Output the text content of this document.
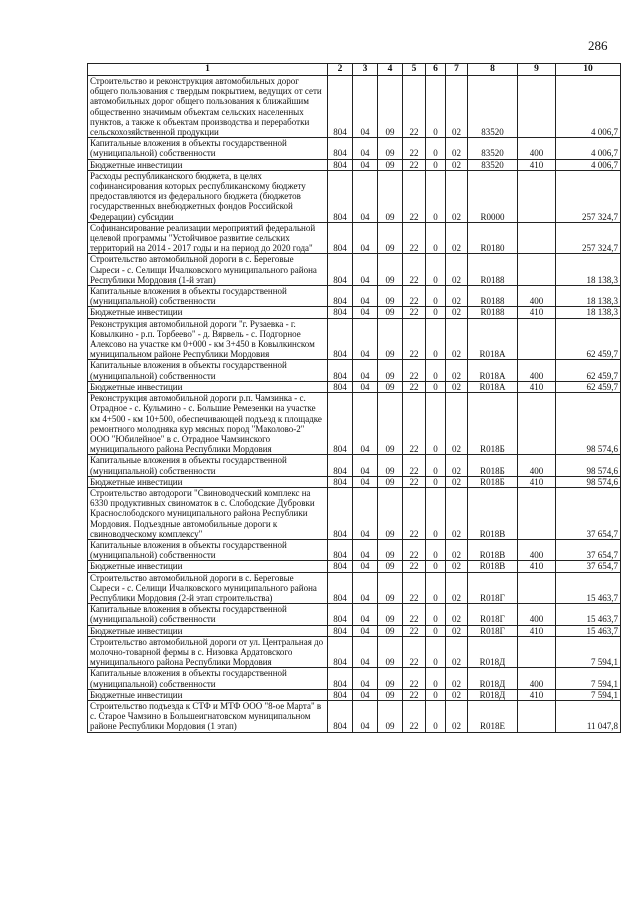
286
1	2	3	4	5	6	7	8	9	10
Строительство и реконструкция автомобильных дорог общего пользования с твердым покрытием, ведущих от сети автомобильных дорог общего пользования к ближайшим общественно значимым объектам сельских населенных пунктов, а также к объектам производства и переработки сельскохозяйственной продукции	804	04	09	22	0	02	83520		4 006,7
Капитальные вложения в объекты государственной (муниципальной) собственности	804	04	09	22	0	02	83520	400	4 006,7
Бюджетные инвестиции	804	04	09	22	0	02	83520	410	4 006,7
Расходы республиканского бюджета, в целях софинансирования которых республиканскому бюджету предоставляются из федерального бюджета (бюджетов государственных внебюджетных фондов Российской Федерации) субсидии	804	04	09	22	0	02	R0000		257 324,7
Софинансирование реализации мероприятий федеральной целевой программы "Устойчивое развитие сельских территорий на 2014 - 2017 годы и на период до 2020 года"	804	04	09	22	0	02	R0180		257 324,7
Строительство автомобильной дороги в с. Береговые Сыреси - с. Селищи Ичалковского муниципального района Республики Мордовия (1-й этап)	804	04	09	22	0	02	R0188		18 138,3
Капитальные вложения в объекты государственной (муниципальной) собственности	804	04	09	22	0	02	R0188	400	18 138,3
Бюджетные инвестиции	804	04	09	22	0	02	R0188	410	18 138,3
Реконструкция автомобильной дороги "г. Рузаевка - г. Ковылкино - р.п. Торбеево" - д. Вярвель - с. Подгорное Алексово на участке км 0+000 - км 3+450 в Ковылкинском муниципальном районе Республики Мордовия	804	04	09	22	0	02	R018А		62 459,7
Капитальные вложения в объекты государственной (муниципальной) собственности	804	04	09	22	0	02	R018А	400	62 459,7
Бюджетные инвестиции	804	04	09	22	0	02	R018А	410	62 459,7
Реконструкция автомобильной дороги р.п. Чамзинка - с. Отрадное - с. Кульмино - с. Большие Ремезенки на участке км 4+500 - км 10+500, обеспечивающей подъезд к площадке ремонтного молодняка кур мясных пород "Маколово-2" ООО "Юбилейное" в с. Отрадное Чамзинского муниципального района Республики Мордовия	804	04	09	22	0	02	R018Б		98 574,6
Капитальные вложения в объекты государственной (муниципальной) собственности	804	04	09	22	0	02	R018Б	400	98 574,6
Бюджетные инвестиции	804	04	09	22	0	02	R018Б	410	98 574,6
Строительство автодороги "Свиноводческий комплекс на 6330 продуктивных свиноматок в с. Слободские Дубровки Краснослободского муниципального района Республики Мордовия. Подъездные автомобильные дороги к свиноводческому комплексу"	804	04	09	22	0	02	R018В		37 654,7
Капитальные вложения в объекты государственной (муниципальной) собственности	804	04	09	22	0	02	R018В	400	37 654,7
Бюджетные инвестиции	804	04	09	22	0	02	R018В	410	37 654,7
Строительство автомобильной дороги в с. Береговые Сыреси - с. Селищи Ичалковского муниципального района Республики Мордовия (2-й этап строительства)	804	04	09	22	0	02	R018Г		15 463,7
Капитальные вложения в объекты государственной (муниципальной) собственности	804	04	09	22	0	02	R018Г	400	15 463,7
Бюджетные инвестиции	804	04	09	22	0	02	R018Г	410	15 463,7
Строительство автомобильной дороги от ул. Центральная до молочно-товарной фермы в с. Низовка Ардатовского муниципального района Республики Мордовия	804	04	09	22	0	02	R018Д		7 594,1
Капитальные вложения в объекты государственной (муниципальной) собственности	804	04	09	22	0	02	R018Д	400	7 594,1
Бюджетные инвестиции	804	04	09	22	0	02	R018Д	410	7 594,1
Строительство подъезда к СТФ и МТФ ООО "8-ое Марта" в с. Старое Чамзино в Большеигнатовском муниципальном районе Республики Мордовия (1 этап)	804	04	09	22	0	02	R018Е		11 047,8
